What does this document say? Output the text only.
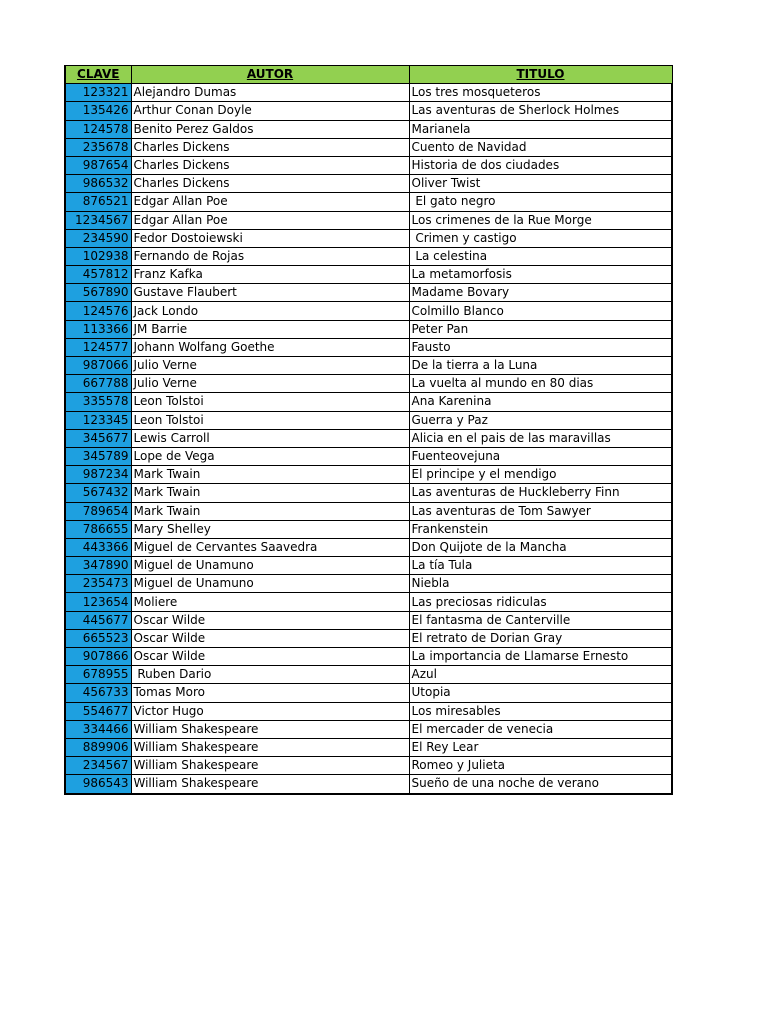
CLAVE	AUTOR	TITULO
123321	Alejandro Dumas	Los tres mosqueteros
135426	Arthur Conan Doyle	Las aventuras de Sherlock Holmes
124578	Benito Perez Galdos	Marianela
235678	Charles Dickens	Cuento de Navidad
987654	Charles Dickens	Historia de dos ciudades
986532	Charles Dickens	Oliver Twist
876521	Edgar Allan Poe	El gato negro
1234567	Edgar Allan Poe	Los crimenes de la Rue Morge
234590	Fedor Dostoiewski	Crimen y castigo
102938	Fernando de Rojas	La celestina
457812	Franz Kafka	La metamorfosis
567890	Gustave Flaubert	Madame Bovary
124576	Jack Londo	Colmillo Blanco
113366	JM Barrie	Peter Pan
124577	Johann Wolfang Goethe	Fausto
987066	Julio Verne	De la tierra a la Luna
667788	Julio Verne	La vuelta al mundo en 80 dias
335578	Leon Tolstoi	Ana Karenina
123345	Leon Tolstoi	Guerra y Paz
345677	Lewis Carroll	Alicia en el pais de las maravillas
345789	Lope de Vega	Fuenteovejuna
987234	Mark Twain	El principe y el mendigo
567432	Mark Twain	Las aventuras de Huckleberry Finn
789654	Mark Twain	Las aventuras de Tom Sawyer
786655	Mary Shelley	Frankenstein
443366	Miguel de Cervantes Saavedra	Don Quijote de la Mancha
347890	Miguel de Unamuno	La tía Tula
235473	Miguel de Unamuno	Niebla
123654	Moliere	Las preciosas ridiculas
445677	Oscar Wilde	El fantasma de Canterville
665523	Oscar Wilde	El retrato de Dorian Gray
907866	Oscar Wilde	La importancia de Llamarse Ernesto
678955	Ruben Dario	Azul
456733	Tomas Moro	Utopia
554677	Victor Hugo	Los miresables
334466	William Shakespeare	El mercader de venecia
889906	William Shakespeare	El Rey Lear
234567	William Shakespeare	Romeo y Julieta
986543	William Shakespeare	Sueño de una noche de verano
